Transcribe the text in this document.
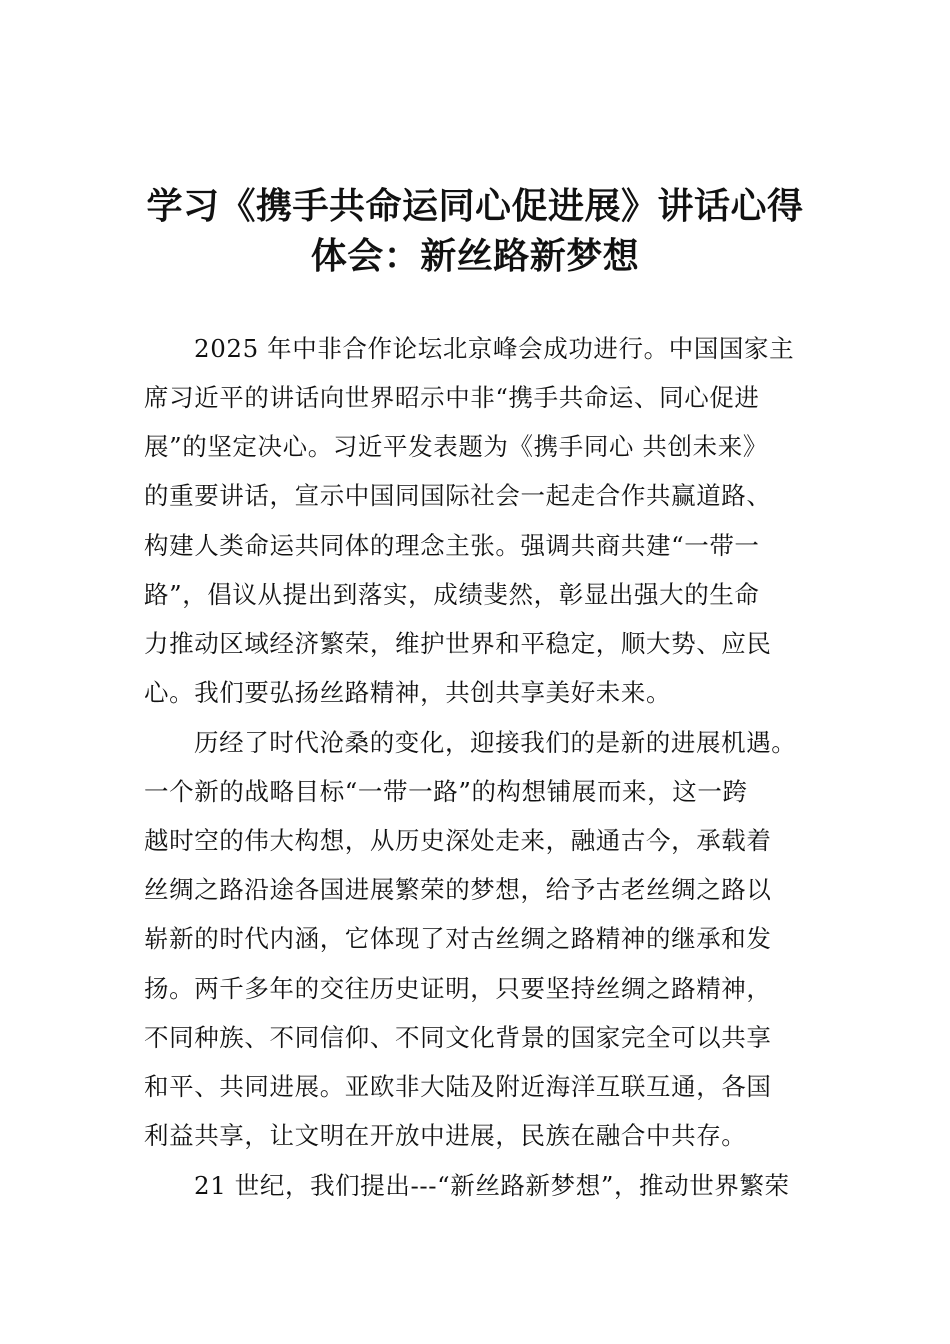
学习《携手共命运同心促进展》讲话心得
体会：新丝路新梦想
2025 年中非合作论坛北京峰会成功进行。中国国家主
席习近平的讲话向世界昭示中非“携手共命运、同心促进
展”的坚定决心。习近平发表题为《携手同心 共创未来》
的重要讲话，宣示中国同国际社会一起走合作共赢道路、
构建人类命运共同体的理念主张。强调共商共建“一带一
路”，倡议从提出到落实，成绩斐然，彰显出强大的生命
力推动区域经济繁荣，维护世界和平稳定，顺大势、应民
心。我们要弘扬丝路精神，共创共享美好未来。
历经了时代沧桑的变化，迎接我们的是新的进展机遇。
一个新的战略目标“一带一路”的构想铺展而来，这一跨
越时空的伟大构想，从历史深处走来，融通古今，承载着
丝绸之路沿途各国进展繁荣的梦想，给予古老丝绸之路以
崭新的时代内涵，它体现了对古丝绸之路精神的继承和发
扬。两千多年的交往历史证明，只要坚持丝绸之路精神，
不同种族、不同信仰、不同文化背景的国家完全可以共享
和平、共同进展。亚欧非大陆及附近海洋互联互通，各国
利益共享，让文明在开放中进展，民族在融合中共存。
21 世纪，我们提出---“新丝路新梦想”，推动世界繁荣
